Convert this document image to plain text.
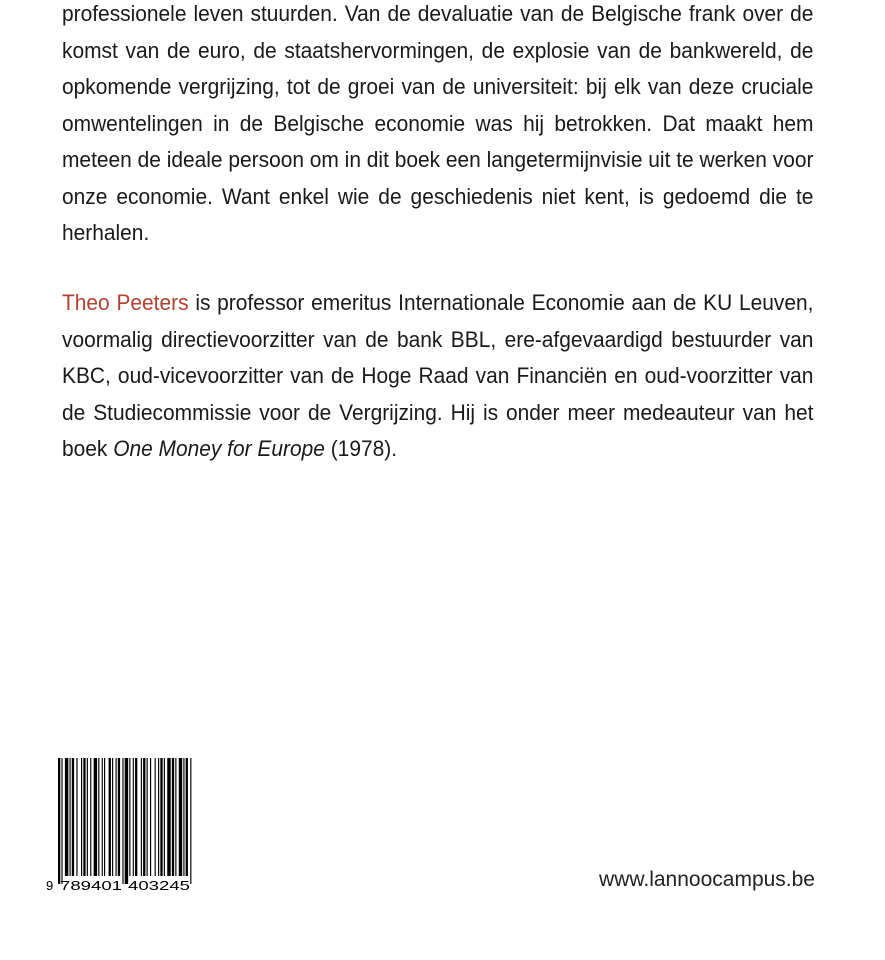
professionele leven stuurden. Van de devaluatie van de Belgische frank over de komst van de euro, de staatshervormingen, de explosie van de bankwereld, de opkomende vergrijzing, tot de groei van de universiteit: bij elk van deze cruciale omwentelingen in de Belgische economie was hij betrokken. Dat maakt hem meteen de ideale persoon om in dit boek een langetermijnvisie uit te werken voor onze economie. Want enkel wie de geschiedenis niet kent, is gedoemd die te herhalen.

Theo Peeters is professor emeritus Internationale Economie aan de KU Leuven, voormalig directievoorzitter van de bank BBL, ere-afgevaardigd bestuurder van KBC, oud-vicevoorzitter van de Hoge Raad van Financiën en oud-voorzitter van de Studiecommissie voor de Vergrijzing. Hij is onder meer medeauteur van het boek One Money for Europe (1978).

9 789401 403245	www.lannoocampus.be
